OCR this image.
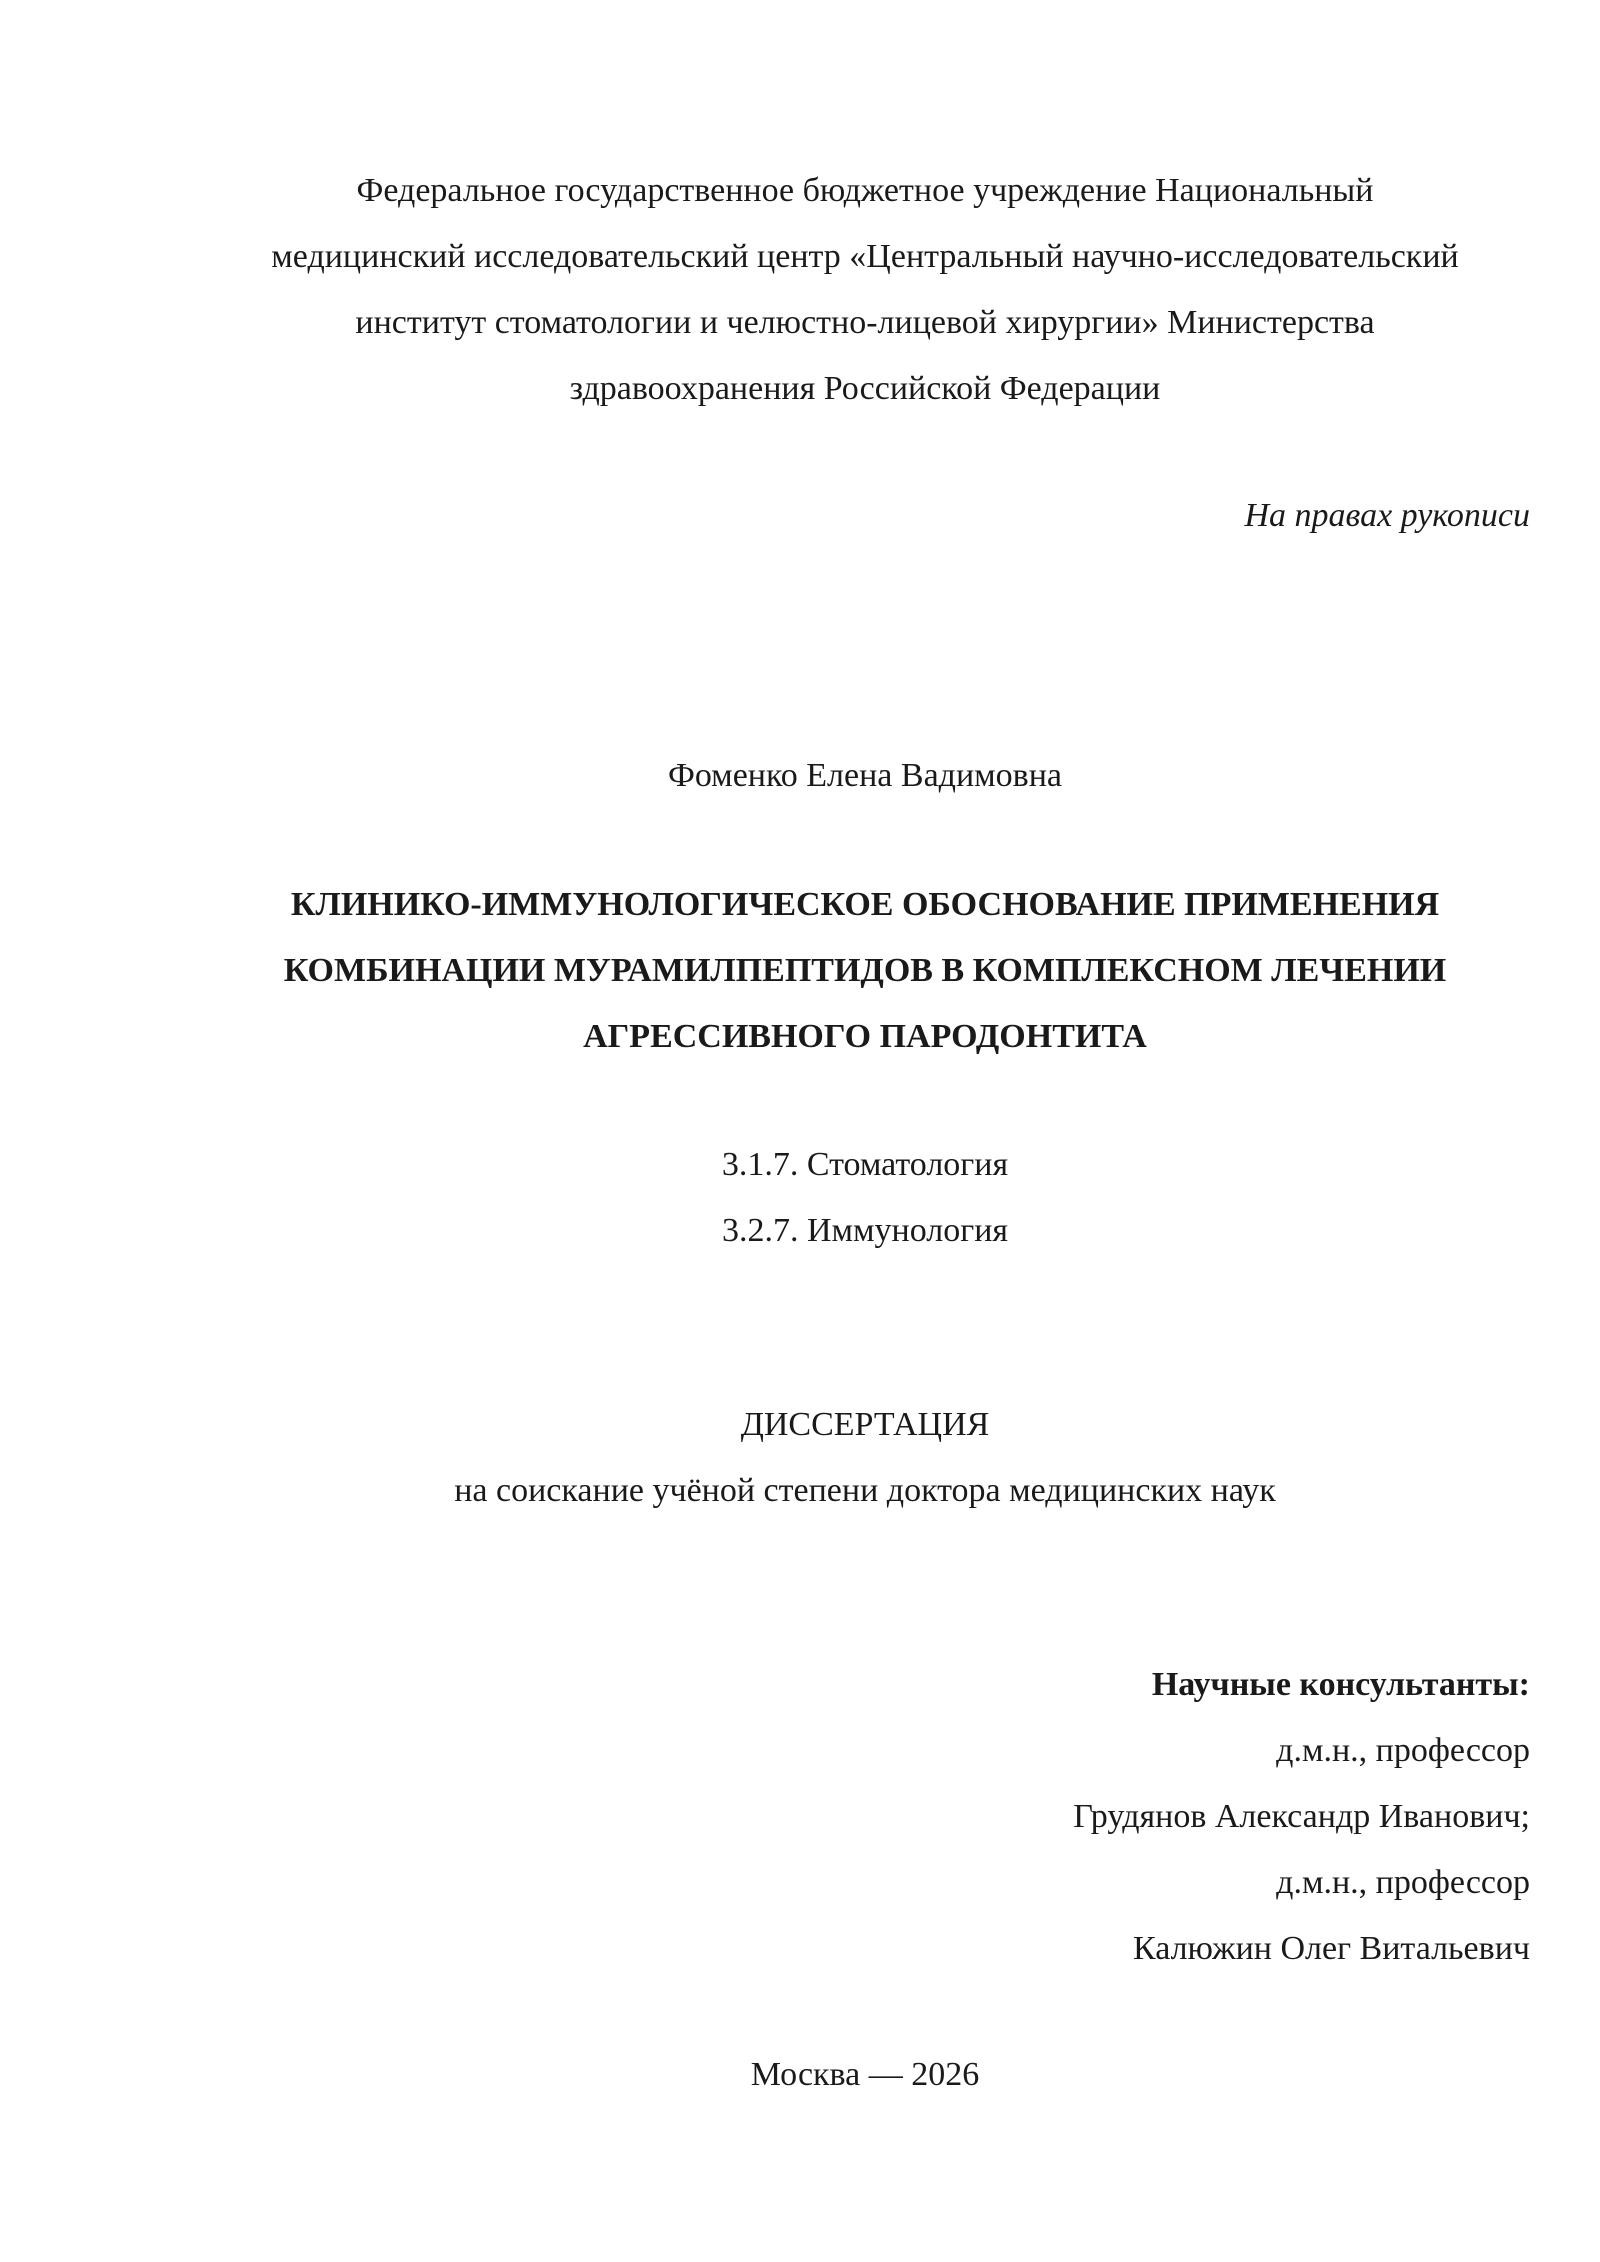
Федеральное государственное бюджетное учреждение Национальный
медицинский исследовательский центр «Центральный научно-исследовательский
институт стоматологии и челюстно-лицевой хирургии» Министерства
здравоохранения Российской Федерации
На правах рукописи
Фоменко Елена Вадимовна
КЛИНИКО-ИММУНОЛОГИЧЕСКОЕ ОБОСНОВАНИЕ ПРИМЕНЕНИЯ
КОМБИНАЦИИ МУРАМИЛПЕПТИДОВ В КОМПЛЕКСНОМ ЛЕЧЕНИИ
АГРЕССИВНОГО ПАРОДОНТИТА
3.1.7. Стоматология
3.2.7. Иммунология
ДИССЕРТАЦИЯ
на соискание учёной степени доктора медицинских наук
Научные консультанты:
д.м.н., профессор
Грудянов Александр Иванович;
д.м.н., профессор
Калюжин Олег Витальевич
Москва — 2026
